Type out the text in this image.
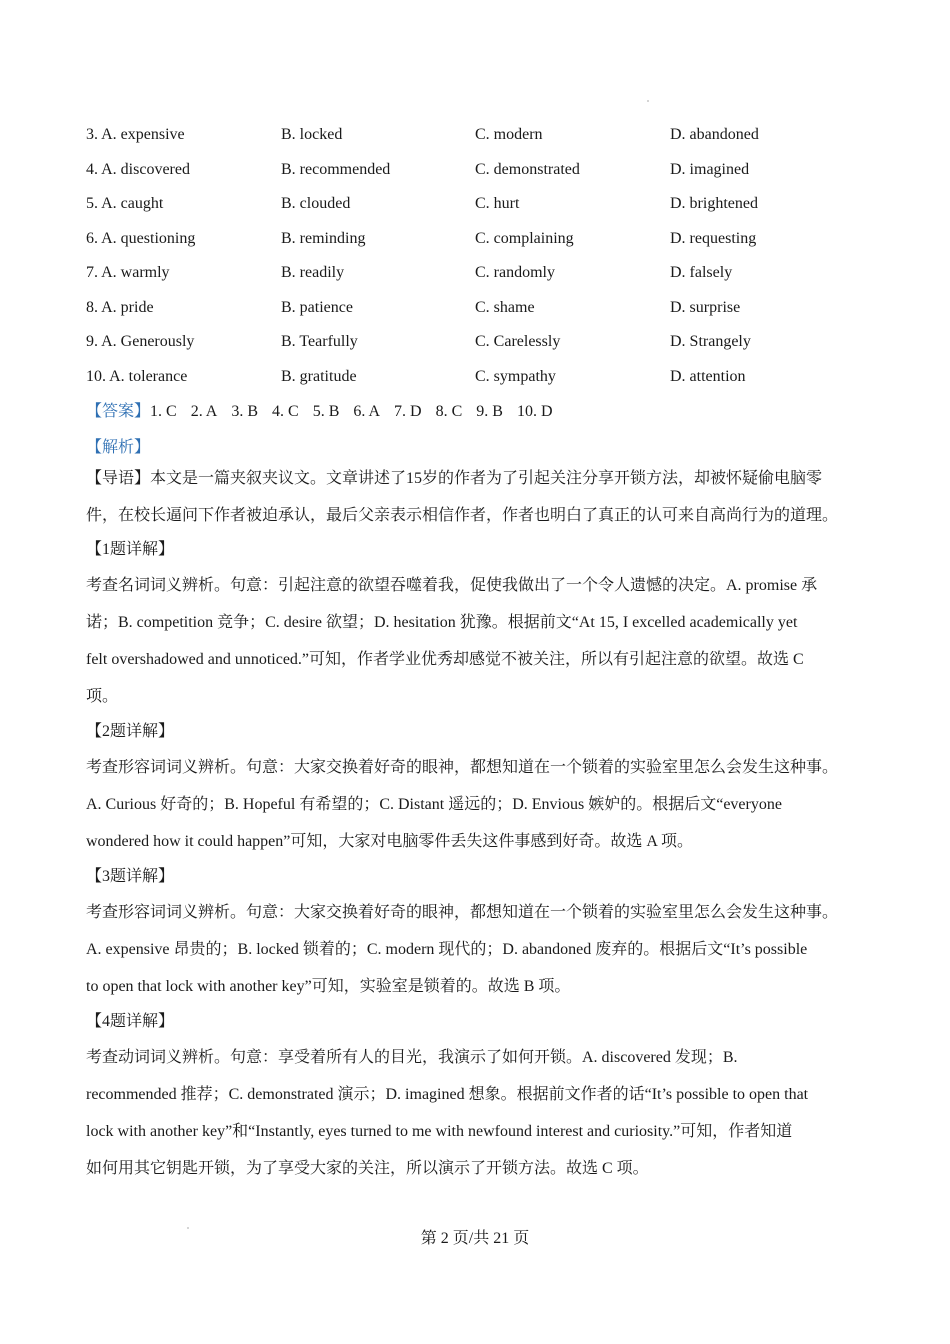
3. A. expensive	B. locked	C. modern	D. abandoned
4. A. discovered	B. recommended	C. demonstrated	D. imagined
5. A. caught	B. clouded	C. hurt	D. brightened
6. A. questioning	B. reminding	C. complaining	D. requesting
7. A. warmly	B. readily	C. randomly	D. falsely
8. A. pride	B. patience	C. shame	D. surprise
9. A. Generously	B. Tearfully	C. Carelessly	D. Strangely
10. A. tolerance	B. gratitude	C. sympathy	D. attention
【答案】1. C 2. A 3. B 4. C 5. B 6. A 7. D 8. C 9. B 10. D
【解析】
【导语】本文是一篇夹叙夹议文。文章讲述了15岁的作者为了引起关注分享开锁方法，却被怀疑偷电脑零
件，在校长逼问下作者被迫承认，最后父亲表示相信作者，作者也明白了真正的认可来自高尚行为的道理。
【1题详解】
考查名词词义辨析。句意：引起注意的欲望吞噬着我，促使我做出了一个令人遗憾的决定。A. promise 承
诺；B. competition 竞争；C. desire 欲望；D. hesitation 犹豫。根据前文“At 15, I excelled academically yet
felt overshadowed and unnoticed.”可知，作者学业优秀却感觉不被关注，所以有引起注意的欲望。故选 C
项。
【2题详解】
考查形容词词义辨析。句意：大家交换着好奇的眼神，都想知道在一个锁着的实验室里怎么会发生这种事。
A. Curious 好奇的；B. Hopeful 有希望的；C. Distant 遥远的；D. Envious 嫉妒的。根据后文“everyone
wondered how it could happen”可知，大家对电脑零件丢失这件事感到好奇。故选 A 项。
【3题详解】
考查形容词词义辨析。句意：大家交换着好奇的眼神，都想知道在一个锁着的实验室里怎么会发生这种事。
A. expensive 昂贵的；B. locked 锁着的；C. modern 现代的；D. abandoned 废弃的。根据后文“It’s possible
to open that lock with another key”可知，实验室是锁着的。故选 B 项。
【4题详解】
考查动词词义辨析。句意：享受着所有人的目光，我演示了如何开锁。A. discovered 发现；B.
recommended 推荐；C. demonstrated 演示；D. imagined 想象。根据前文作者的话“It’s possible to open that
lock with another key”和“Instantly, eyes turned to me with newfound interest and curiosity.”可知，作者知道
如何用其它钥匙开锁，为了享受大家的关注，所以演示了开锁方法。故选 C 项。
第 2 页/共 21 页
